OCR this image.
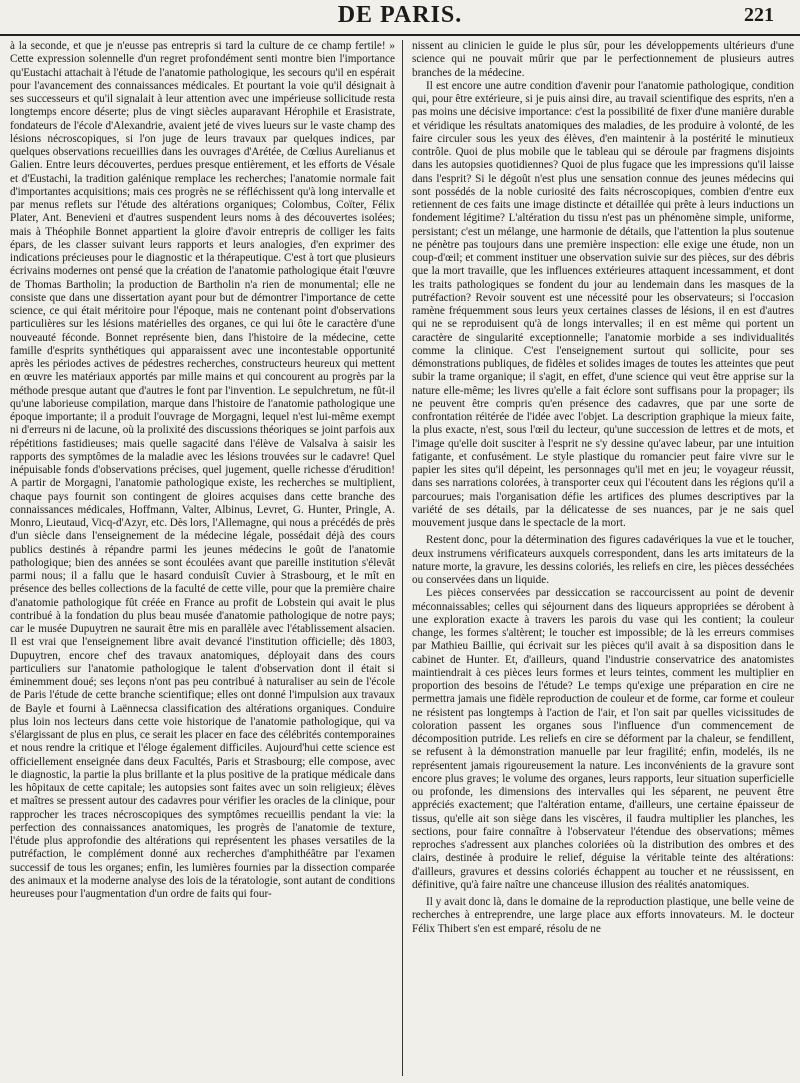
DE PARIS.	221

à la seconde, et que je n'eusse pas entrepris si tard la culture de ce champ fertile! » Cette expression solennelle d'un regret profondément senti montre bien l'importance qu'Eustachi attachait à l'étude de l'anatomie pathologique, les secours qu'il en espérait pour l'avancement des connaissances médicales. Et pourtant la voie qu'il désignait à ses successeurs et qu'il signalait à leur attention avec une impérieuse sollicitude resta longtemps encore déserte; plus de vingt siècles auparavant Hérophile et Erasistrate, fondateurs de l'école d'Alexandrie, avaient jeté de vives lueurs sur le vaste champ des lésions nécroscopiques, si l'on juge de leurs travaux par quelques indices, par quelques observations recueillies dans les ouvrages d'Arétée, de Cœlius Aurelianus et Galien. Entre leurs découvertes, perdues presque entièrement, et les efforts de Vésale et d'Eustachi, la tradition galénique remplace les recherches; l'anatomie normale fait d'importantes acquisitions; mais ces progrès ne se réfléchissent qu'à long intervalle et par menus reflets sur l'étude des altérations organiques; Colombus, Coïter, Félix Plater, Ant. Benevieni et d'autres suspendent leurs noms à des découvertes isolées; mais à Théophile Bonnet appartient la gloire d'avoir entrepris de colliger les faits épars, de les classer suivant leurs rapports et leurs analogies, d'en exprimer des indications précieuses pour le diagnostic et la thérapeutique. C'est à tort que plusieurs écrivains modernes ont pensé que la création de l'anatomie pathologique était l'œuvre de Thomas Bartholin; la production de Bartholin n'a rien de monumental; elle ne consiste que dans une dissertation ayant pour but de démontrer l'importance de cette science, ce qui était méritoire pour l'époque, mais ne contenant point d'observations particulières sur les lésions matérielles des organes, ce qui lui ôte le caractère d'une nouveauté féconde. Bonnet représente bien, dans l'histoire de la médecine, cette famille d'esprits synthétiques qui apparaissent avec une incontestable opportunité après les périodes actives de pédestres recherches, constructeurs heureux qui mettent en œuvre les matériaux apportés par mille mains et qui concourent au progrès par la méthode presque autant que d'autres le font par l'invention. Le sepulchretum, ne fût-il qu'une laborieuse compilation, marque dans l'histoire de l'anatomie pathologique une époque importante; il a produit l'ouvrage de Morgagni, lequel n'est lui-même exempt ni d'erreurs ni de lacune, où la prolixité des discussions théoriques se joint parfois aux répétitions fastidieuses; mais quelle sagacité dans l'élève de Valsalva à saisir les rapports des symptômes de la maladie avec les lésions trouvées sur le cadavre! Quel inépuisable fonds d'observations précises, quel jugement, quelle richesse d'érudition! A partir de Morgagni, l'anatomie pathologique existe, les recherches se multiplient, chaque pays fournit son contingent de gloires acquises dans cette branche des connaissances médicales, Hoffmann, Valter, Albinus, Levret, G. Hunter, Pringle, A. Monro, Lieutaud, Vicq-d'Azyr, etc. Dès lors, l'Allemagne, qui nous a précédés de près d'un siècle dans l'enseignement de la médecine légale, possédait déjà des cours publics destinés à répandre parmi les jeunes médecins le goût de l'anatomie pathologique; bien des années se sont écoulées avant que pareille institution s'élevât parmi nous; il a fallu que le hasard conduisît Cuvier à Strasbourg, et le mît en présence des belles collections de la faculté de cette ville, pour que la première chaire d'anatomie pathologique fût créée en France au profit de Lobstein qui avait le plus contribué à la fondation du plus beau musée d'anatomie pathologique de notre pays; car le musée Dupuytren ne saurait être mis en parallèle avec l'établissement alsacien. Il est vrai que l'enseignement libre avait devancé l'institution officielle; dès 1803, Dupuytren, encore chef des travaux anatomiques, déployait dans des cours particuliers sur l'anatomie pathologique le talent d'observation dont il était si éminemment doué; ses leçons n'ont pas peu contribué à naturaliser au sein de l'école de Paris l'étude de cette branche scientifique; elles ont donné l'impulsion aux travaux de Bayle et fourni à Laënnecsa classification des altérations organiques. Conduire plus loin nos lecteurs dans cette voie historique de l'anatomie pathologique, qui va s'élargissant de plus en plus, ce serait les placer en face des célébrités contemporaines et nous rendre la critique et l'éloge également difficiles. Aujourd'hui cette science est officiellement enseignée dans deux Facultés, Paris et Strasbourg; elle compose, avec le diagnostic, la partie la plus brillante et la plus positive de la pratique médicale dans les hôpitaux de cette capitale; les autopsies sont faites avec un soin religieux; élèves et maîtres se pressent autour des cadavres pour vérifier les oracles de la clinique, pour rapprocher les traces nécroscopiques des symptômes recueillis pendant la vie: la perfection des connaissances anatomiques, les progrès de l'anatomie de texture, l'étude plus approfondie des altérations qui représentent les phases versatiles de la putréfaction, le complément donné aux recherches d'amphithéâtre par l'examen successif de tous les organes; enfin, les lumières fournies par la dissection comparée des animaux et la moderne analyse des lois de la tératologie, sont autant de conditions heureuses pour l'augmentation d'un ordre de faits qui four-

nissent au clinicien le guide le plus sûr, pour les développements ultérieurs d'une science qui ne pouvait mûrir que par le perfectionnement de plusieurs autres branches de la médecine.

Il est encore une autre condition d'avenir pour l'anatomie pathologique, condition qui, pour être extérieure, si je puis ainsi dire, au travail scientifique des esprits, n'en a pas moins une décisive importance: c'est la possibilité de fixer d'une manière durable et véridique les résultats anatomiques des maladies, de les produire à volonté, de les faire circuler sous les yeux des élèves, d'en maintenir à la postérité le minutieux contrôle. Quoi de plus mobile que le tableau qui se déroule par fragmens disjoints dans les autopsies quotidiennes? Quoi de plus fugace que les impressions qu'il laisse dans l'esprit? Si le dégoût n'est plus une sensation connue des jeunes médecins qui sont possédés de la noble curiosité des faits nécroscopiques, combien d'entre eux retiennent de ces faits une image distincte et détaillée qui prête à leurs inductions un fondement légitime? L'altération du tissu n'est pas un phénomène simple, uniforme, persistant; c'est un mélange, une harmonie de détails, que l'attention la plus soutenue ne pénètre pas toujours dans une première inspection: elle exige une étude, non un coup-d'œil; et comment instituer une observation suivie sur des pièces, sur des débris que la mort travaille, que les influences extérieures attaquent incessamment, et dont les traits pathologiques se fondent du jour au lendemain dans les masques de la putréfaction? Revoir souvent est une nécessité pour les observateurs; si l'occasion ramène fréquemment sous leurs yeux certaines classes de lésions, il en est d'autres qui ne se reproduisent qu'à de longs intervalles; il en est même qui portent un caractère de singularité exceptionnelle; l'anatomie morbide a ses individualités comme la clinique. C'est l'enseignement surtout qui sollicite, pour ses démonstrations publiques, de fidèles et solides images de toutes les atteintes que peut subir la trame organique; il s'agit, en effet, d'une science qui veut être apprise sur la nature elle-même; les livres qu'elle a fait éclore sont suffisans pour la propager; ils ne peuvent être compris qu'en présence des cadavres, que par une sorte de confrontation réitérée de l'idée avec l'objet. La description graphique la mieux faite, la plus exacte, n'est, sous l'œil du lecteur, qu'une succession de lettres et de mots, et l'image qu'elle doit susciter à l'esprit ne s'y dessine qu'avec labeur, par une intuition fatigante, et confusément. Le style plastique du romancier peut faire vivre sur le papier les sites qu'il dépeint, les personnages qu'il met en jeu; le voyageur réussit, dans ses narrations colorées, à transporter ceux qui l'écoutent dans les régions qu'il a parcourues; mais l'organisation défie les artifices des plumes descriptives par la variété de ses détails, par la délicatesse de ses nuances, par je ne sais quel mouvement jusque dans le spectacle de la mort.

Restent donc, pour la détermination des figures cadavériques la vue et le toucher, deux instrumens vérificateurs auxquels correspondent, dans les arts imitateurs de la nature morte, la gravure, les dessins coloriés, les reliefs en cire, les pièces desséchées ou conservées dans un liquide.

Les pièces conservées par dessiccation se raccourcissent au point de devenir méconnaissables; celles qui séjournent dans des liqueurs appropriées se dérobent à une exploration exacte à travers les parois du vase qui les contient; la couleur change, les formes s'altèrent; le toucher est impossible; de là les erreurs commises par Mathieu Baillie, qui écrivait sur les pièces qu'il avait à sa disposition dans le cabinet de Hunter. Et, d'ailleurs, quand l'industrie conservatrice des anatomistes maintiendrait à ces pièces leurs formes et leurs teintes, comment les multiplier en proportion des besoins de l'étude? Le temps qu'exige une préparation en cire ne permettra jamais une fidèle reproduction de couleur et de forme, car forme et couleur ne résistent pas longtemps à l'action de l'air, et l'on sait par quelles vicissitudes de coloration passent les organes sous l'influence d'un commencement de décomposition putride. Les reliefs en cire se déforment par la chaleur, se fendillent, se refusent à la démonstration manuelle par leur fragilité; enfin, modelés, ils ne représentent jamais rigoureusement la nature. Les inconvénients de la gravure sont encore plus graves; le volume des organes, leurs rapports, leur situation superficielle ou profonde, les dimensions des intervalles qui les séparent, ne peuvent être appréciés exactement; que l'altération entame, d'ailleurs, une certaine épaisseur de tissus, qu'elle ait son siège dans les viscères, il faudra multiplier les planches, les sections, pour faire connaître à l'observateur l'étendue des observations; mêmes reproches s'adressent aux planches coloriées où la distribution des ombres et des clairs, destinée à produire le relief, déguise la véritable teinte des altérations: d'ailleurs, gravures et dessins coloriés échappent au toucher et ne réussissent, en définitive, qu'à faire naître une chanceuse illusion des réalités anatomiques.

Il y avait donc là, dans le domaine de la reproduction plastique, une belle veine de recherches à entreprendre, une large place aux efforts innovateurs. M. le docteur Félix Thibert s'en est emparé, résolu de ne
